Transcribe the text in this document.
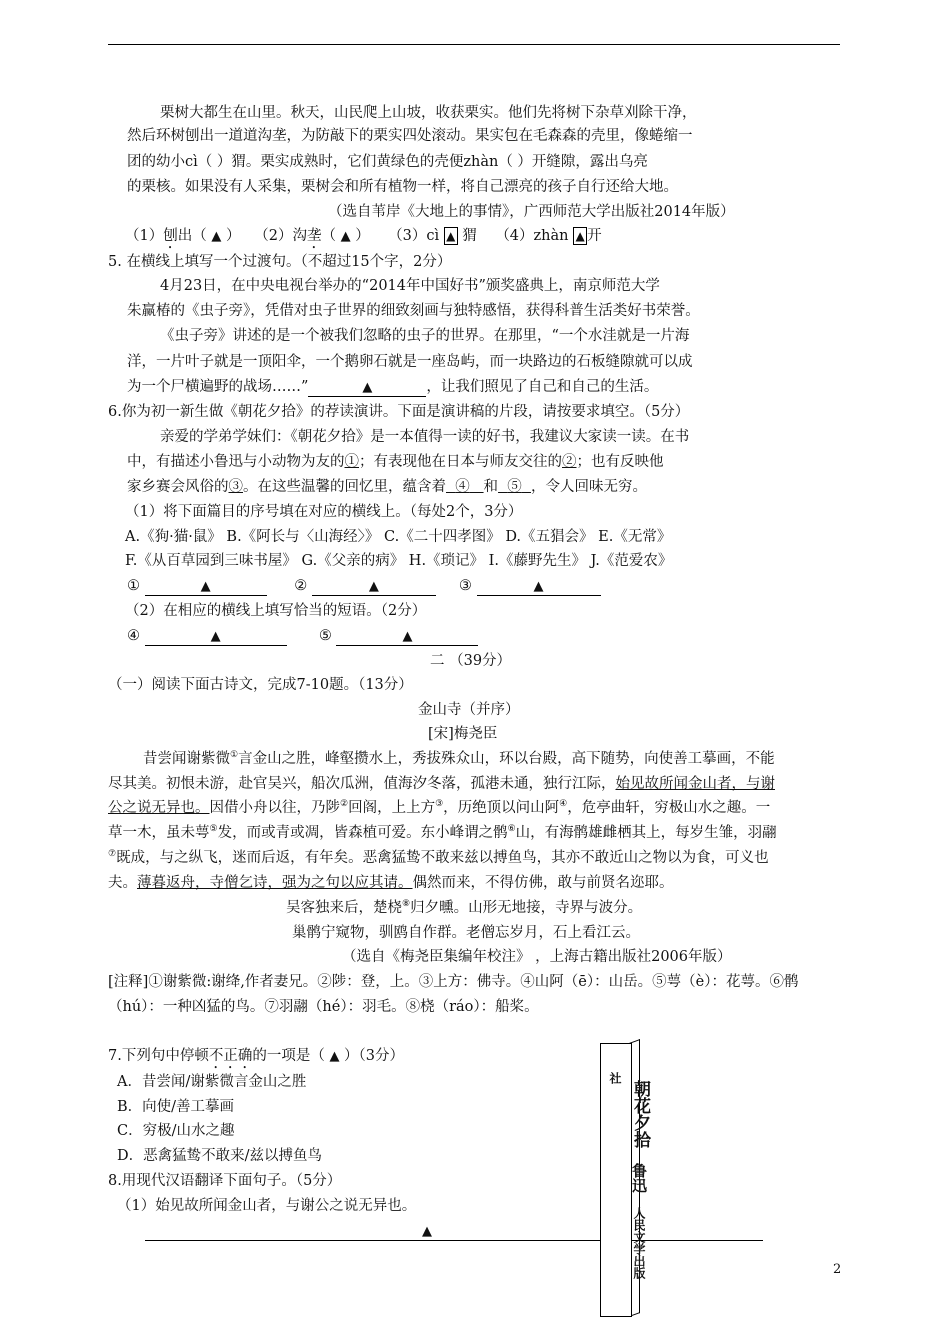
栗树大都生在山里。秋天，山民爬上山坡，收获栗实。他们先将树下杂草刈除干净，
然后环树刨出一道道沟垄，为防敲下的栗实四处滚动。果实包在毛森森的壳里，像蜷缩一
团的幼小cì（ ）猬。栗实成熟时，它们黄绿色的壳便zhàn（ ）开缝隙，露出乌亮
的栗核。如果没有人采集，栗树会和所有植物一样，将自己漂亮的孩子自行还给大地。
（选自苇岸《大地上的事情》，广西师范大学出版社2014年版）
（1）刨出（ ▲ ） （2）沟垄（ ▲ ） （3）cì ▲ 猬 （4）zhàn ▲ 开
5. 在横线上填写一个过渡句。（不超过15个字，2分）
4月23日，在中央电视台举办的“2014年中国好书”颁奖盛典上，南京师范大学
朱赢椿的《虫子旁》，凭借对虫子世界的细致刻画与独特感悟，获得科普生活类好书荣誉。
《虫子旁》讲述的是一个被我们忽略的虫子的世界。在那里，“一个水洼就是一片海
洋，一片叶子就是一顶阳伞，一个鹅卵石就是一座岛屿，而一块路边的石板缝隙就可以成
为一个尸横遍野的战场……”	▲	，让我们照见了自己和自己的生活。
6.你为初一新生做《朝花夕拾》的荐读演讲。下面是演讲稿的片段，请按要求填空。（5分）
亲爱的学弟学妹们：《朝花夕拾》是一本值得一读的好书，我建议大家读一读。在书
中，有描述小鲁迅与小动物为友的①；有表现他在日本与师友交往的②；也有反映他
家乡赛会风俗的③。在这些温馨的回忆里，蕴含着 ④ 和 ⑤ ，令人回味无穷。
（1）将下面篇目的序号填在对应的横线上。（每处2个，3分）
A.《狗·猫·鼠》 B.《阿长与〈山海经〉》 C.《二十四孝图》 D.《五猖会》 E.《无常》
F.《从百草园到三味书屋》 G.《父亲的病》 H.《琐记》 I.《藤野先生》 J.《范爱农》
①	▲	②	▲	③	▲
（2）在相应的横线上填写恰当的短语。（2分）
④	▲	⑤	▲
二 （39分）
（一）阅读下面古诗文，完成7-10题。（13分）
金山寺（并序）
[宋]梅尧臣
昔尝闻谢紫微①言金山之胜，峰壑攒水上，秀拔殊众山，环以台殿，高下随势，向使善工摹画，不能
尽其美。初恨未游，赴官吴兴，船次瓜洲，值海汐冬落，孤港未通，独行江际，始见故所闻金山者，与谢
公之说无异也。因借小舟以往，乃陟②回阁，上上方③，历绝顶以问山阿④，危亭曲轩，穷极山水之趣。一
草一木，虽未萼⑤发，而或青或凋，皆森植可爱。东小峰谓之鹘⑥山，有海鹘雄雌栖其上，每岁生雏，羽翮
⑦既成，与之纵飞，迷而后返，有年矣。恶禽猛鸷不敢来兹以搏鱼鸟，其亦不敢近山之物以为食，可义也
夫。薄暮返舟，寺僧乞诗，强为之句以应其请。偶然而来，不得仿佛，敢与前贤名迩耶。
吴客独来后，楚桡⑧归夕曛。山形无地接，寺界与波分。
巢鹘宁窥物，驯鸥自作群。老僧忘岁月，石上看江云。
（选自《梅尧臣集编年校注》 ，上海古籍出版社2006年版）
[注释]①谢紫微:谢绛,作者妻兄。②陟：登，上。③上方：佛寺。④山阿（ē）：山岳。⑤萼（è）：花萼。⑥鹘
（hú）：一种凶猛的鸟。⑦羽翮（hé）：羽毛。⑧桡（ráo）：船桨。
7.下列句中停顿不正确的一项是（ ▲ ）（3分）
A．昔尝闻/谢紫微言金山之胜
B．向使/善工摹画
C．穷极/山水之趣
D．恶禽猛鸷不敢来/兹以搏鱼鸟
8.用现代汉语翻译下面句子。（5分）
（1）始见故所闻金山者，与谢公之说无异也。
▲
社
朝花夕拾
鲁迅
人民文学出版	2
